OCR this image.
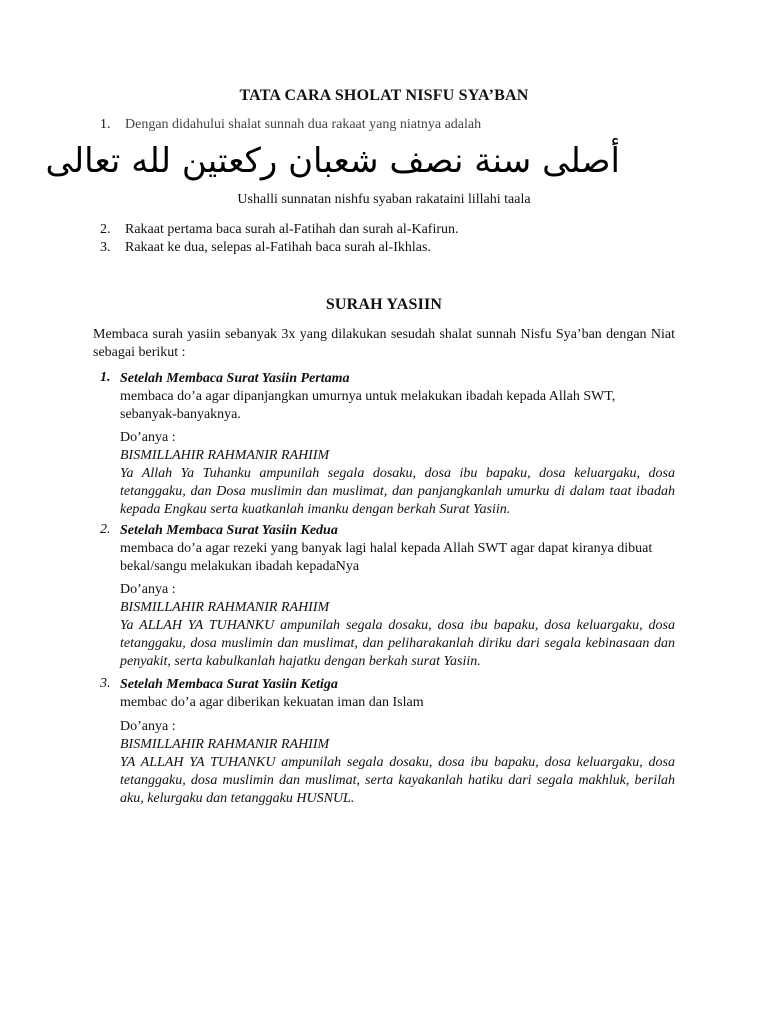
TATA CARA SHOLAT NISFU SYA’BAN
1. Dengan didahului shalat sunnah dua rakaat yang niatnya adalah
أصلى سنة نصف شعبان ركعتين لله تعالى
Ushalli sunnatan nishfu syaban rakataini lillahi taala
2. Rakaat pertama baca surah al-Fatihah dan surah al-Kafirun.
3. Rakaat ke dua, selepas al-Fatihah baca surah al-Ikhlas.
SURAH YASIIN
Membaca surah yasiin sebanyak 3x yang dilakukan sesudah shalat sunnah Nisfu Sya’ban dengan Niat sebagai berikut :
1. Setelah Membaca Surat Yasiin Pertama

membaca do’a agar dipanjangkan umurnya untuk melakukan ibadah kepada Allah SWT, sebanyak-banyaknya.

Do’anya :

BISMILLAHIR RAHMANIR RAHIIM

Ya Allah Ya Tuhanku ampunilah segala dosaku, dosa ibu bapaku, dosa keluargaku, dosa tetanggaku, dan Dosa muslimin dan muslimat, dan panjangkanlah umurku di dalam taat ibadah kepada Engkau serta kuatkanlah imanku dengan berkah Surat Yasiin.

2. Setelah Membaca Surat Yasiin Kedua

membaca do’a agar rezeki yang banyak lagi halal kepada Allah SWT agar dapat kiranya dibuat bekal/sangu melakukan ibadah kepadaNya

Do’anya :

BISMILLAHIR RAHMANIR RAHIIM

Ya ALLAH YA TUHANKU ampunilah segala dosaku, dosa ibu bapaku, dosa keluargaku, dosa tetanggaku, dosa muslimin dan muslimat, dan peliharakanlah diriku dari segala kebinasaan dan penyakit, serta kabulkanlah hajatku dengan berkah surat Yasiin.

3. Setelah Membaca Surat Yasiin Ketiga

membac do’a agar diberikan kekuatan iman dan Islam

Do’anya :

BISMILLAHIR RAHMANIR RAHIIM

YA ALLAH YA TUHANKU ampunilah segala dosaku, dosa ibu bapaku, dosa keluargaku, dosa tetanggaku, dosa muslimin dan muslimat, serta kayakanlah hatiku dari segala makhluk, berilah aku, kelurgaku dan tetanggaku HUSNUL.
